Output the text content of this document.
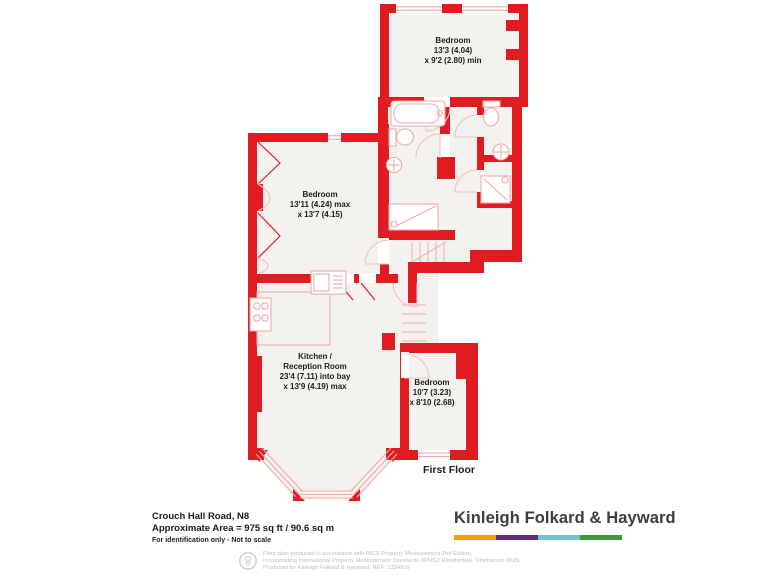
Bedroom
13'3 (4.04)
x 9'2 (2.80) min
Bedroom
13'11 (4.24) max
x 13'7 (4.15)
Kitchen /
Reception Room
23'4 (7.11) into bay
x 13'9 (4.19) max	Bedroom
10'7 (3.23)
x 8'10 (2.68)
First Floor
Crouch Hall Road, N8
Approximate Area = 975 sq ft / 90.6 sq m
For identification only - Not to scale
Kinleigh Folkard & Hayward
Floor plan produced in accordance with RICS Property Measurement 2nd Edition,
Incorporating International Property Measurement Standards (IPMS2 Residential). ©nichecom 2025.
Produced for Kinleigh Folkard & Hayward. REF: 1334919
